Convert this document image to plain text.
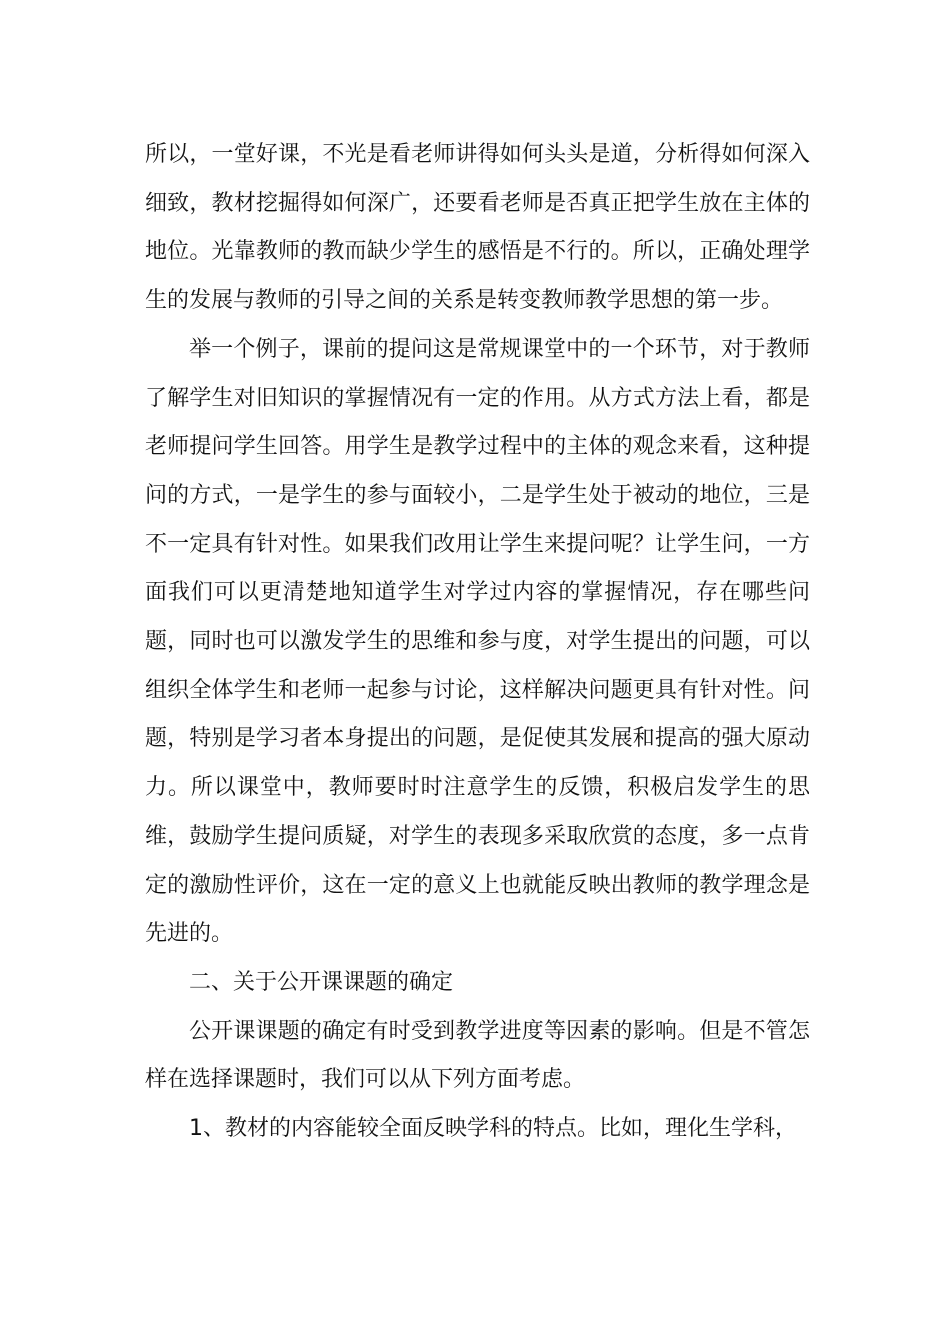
所以，一堂好课，不光是看老师讲得如何头头是道，分析得如何深入细致，教材挖掘得如何深广，还要看老师是否真正把学生放在主体的地位。光靠教师的教而缺少学生的感悟是不行的。所以，正确处理学生的发展与教师的引导之间的关系是转变教师教学思想的第一步。

举一个例子，课前的提问这是常规课堂中的一个环节，对于教师了解学生对旧知识的掌握情况有一定的作用。从方式方法上看，都是老师提问学生回答。用学生是教学过程中的主体的观念来看，这种提问的方式，一是学生的参与面较小，二是学生处于被动的地位，三是不一定具有针对性。如果我们改用让学生来提问呢？让学生问，一方面我们可以更清楚地知道学生对学过内容的掌握情况，存在哪些问题，同时也可以激发学生的思维和参与度，对学生提出的问题，可以组织全体学生和老师一起参与讨论，这样解决问题更具有针对性。问题，特别是学习者本身提出的问题，是促使其发展和提高的强大原动力。所以课堂中，教师要时时注意学生的反馈，积极启发学生的思维，鼓励学生提问质疑，对学生的表现多采取欣赏的态度，多一点肯定的激励性评价，这在一定的意义上也就能反映出教师的教学理念是先进的。

二、关于公开课课题的确定

公开课课题的确定有时受到教学进度等因素的影响。但是不管怎样在选择课题时，我们可以从下列方面考虑。

1、教材的内容能较全面反映学科的特点。比如，理化生学科，
